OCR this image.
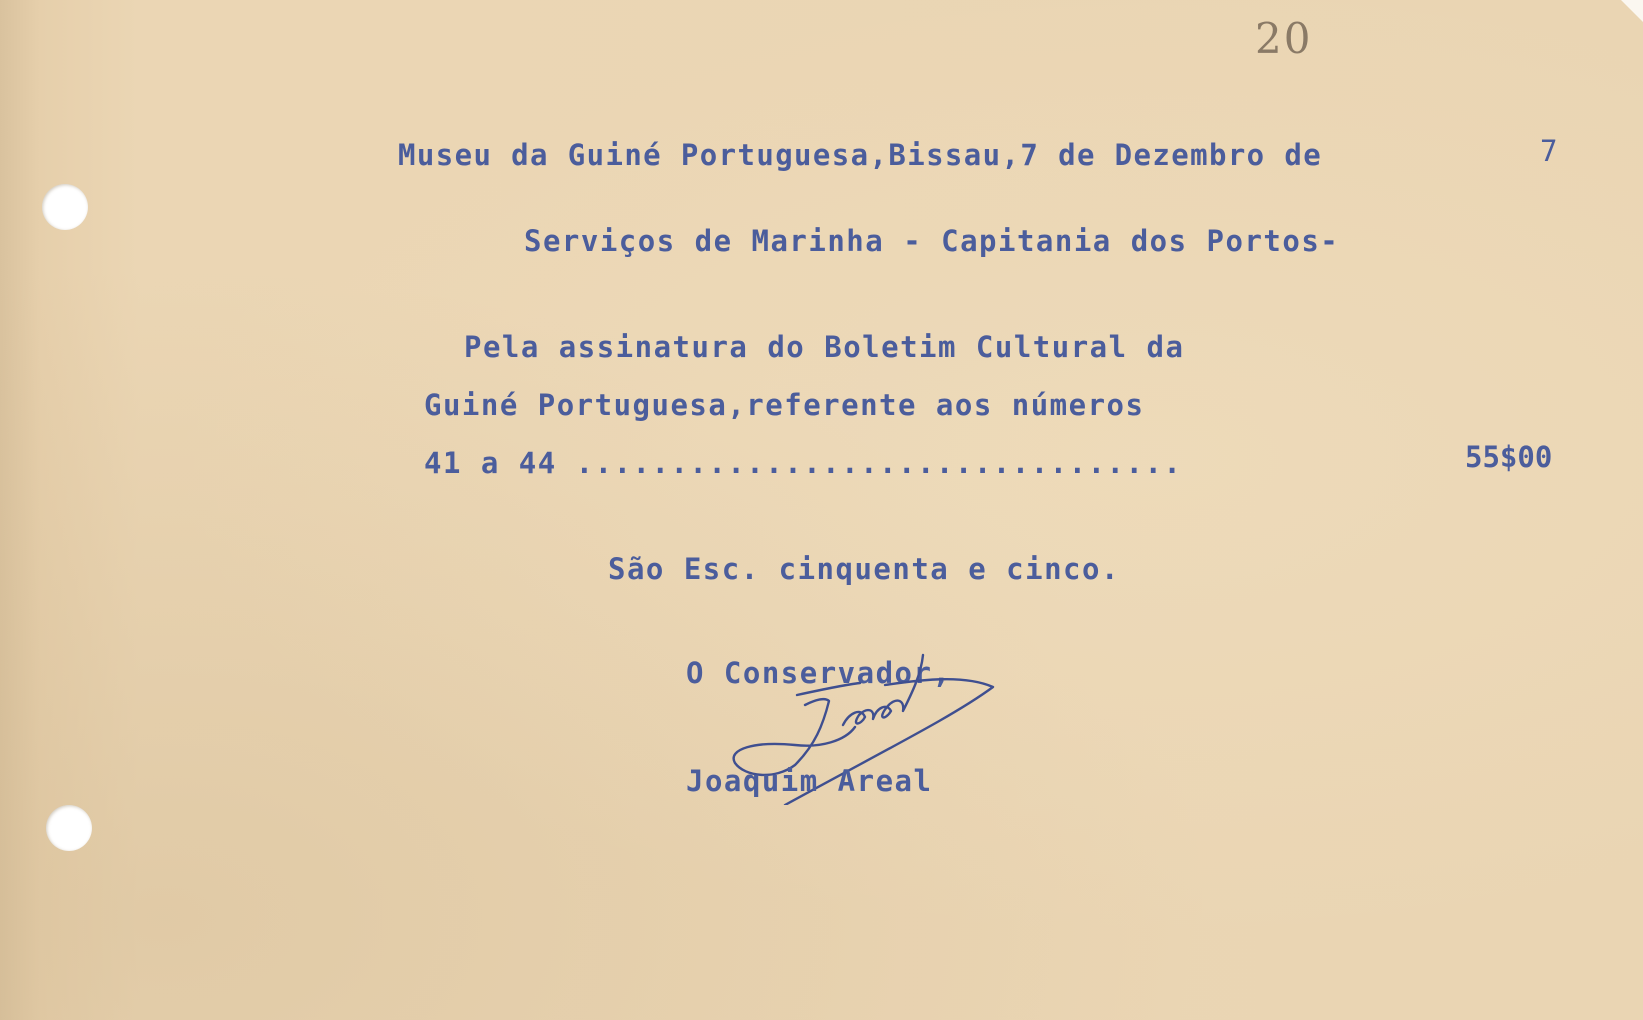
20
Museu da Guiné Portuguesa,Bissau,7 de Dezembro de	7
Serviços de Marinha - Capitania dos Portos-
Pela assinatura do Boletim Cultural da
Guiné Portuguesa,referente aos números
41 a 44 ................................	55$00
São Esc. cinquenta e cinco.
O Conservador,
Joaquim Areal
